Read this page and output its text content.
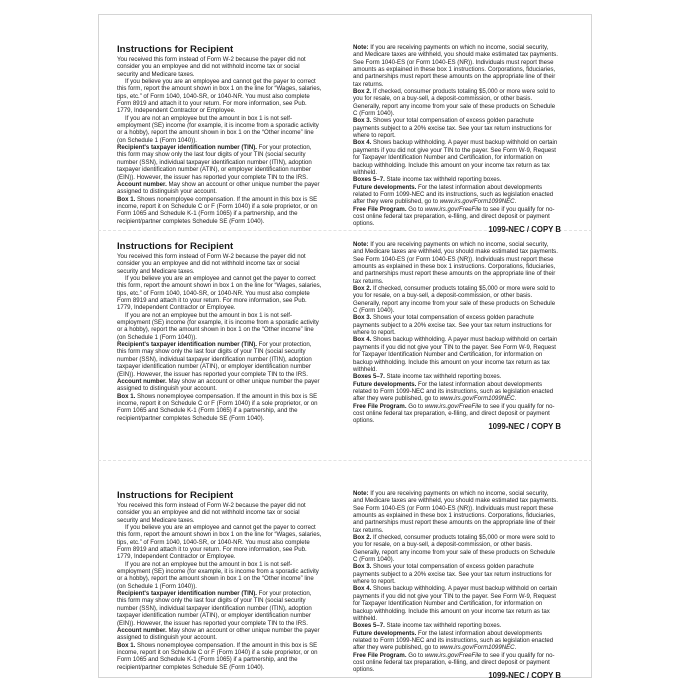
Instructions for Recipient

You received this form instead of Form W-2 because the payer did not consider you an employee and did not withhold income tax or social security and Medicare taxes.

If you believe you are an employee and cannot get the payer to correct this form, report the amount shown in box 1 on the line for “Wages, salaries, tips, etc.” of Form 1040, 1040-SR, or 1040-NR. You must also complete Form 8919 and attach it to your return. For more information, see Pub. 1779, Independent Contractor or Employee.

If you are not an employee but the amount in box 1 is not self-employment (SE) income (for example, it is income from a sporadic activity or a hobby), report the amount shown in box 1 on the “Other income” line (on Schedule 1 (Form 1040)).

Recipient's taxpayer identification number (TIN). For your protection, this form may show only the last four digits of your TIN (social security number (SSN), individual taxpayer identification number (ITIN), adoption taxpayer identification number (ATIN), or employer identification number (EIN)). However, the issuer has reported your complete TIN to the IRS.

Account number. May show an account or other unique number the payer assigned to distinguish your account.

Box 1. Shows nonemployee compensation. If the amount in this box is SE income, report it on Schedule C or F (Form 1040) if a sole proprietor, or on Form 1065 and Schedule K-1 (Form 1065) if a partnership, and the recipient/partner completes Schedule SE (Form 1040).

Note: If you are receiving payments on which no income, social security, and Medicare taxes are withheld, you should make estimated tax payments. See Form 1040-ES (or Form 1040-ES (NR)). Individuals must report these amounts as explained in these box 1 instructions. Corporations, fiduciaries, and partnerships must report these amounts on the appropriate line of their tax returns.

Box 2. If checked, consumer products totaling $5,000 or more were sold to you for resale, on a buy-sell, a deposit-commission, or other basis. Generally, report any income from your sale of these products on Schedule C (Form 1040).

Box 3. Shows your total compensation of excess golden parachute payments subject to a 20% excise tax. See your tax return instructions for where to report.

Box 4. Shows backup withholding. A payer must backup withhold on certain payments if you did not give your TIN to the payer. See Form W-9, Request for Taxpayer Identification Number and Certification, for information on backup withholding. Include this amount on your income tax return as tax withheld.

Boxes 5–7. State income tax withheld reporting boxes.

Future developments. For the latest information about developments related to Form 1099-NEC and its instructions, such as legislation enacted after they were published, go to www.irs.gov/Form1099NEC.

Free File Program. Go to www.irs.gov/FreeFile to see if you qualify for no-cost online federal tax preparation, e-filing, and direct deposit or payment options.

1099-NEC / COPY B
Instructions for Recipient

You received this form instead of Form W-2 because the payer did not consider you an employee and did not withhold income tax or social security and Medicare taxes.

If you believe you are an employee and cannot get the payer to correct this form, report the amount shown in box 1 on the line for “Wages, salaries, tips, etc.” of Form 1040, 1040-SR, or 1040-NR. You must also complete Form 8919 and attach it to your return. For more information, see Pub. 1779, Independent Contractor or Employee.

If you are not an employee but the amount in box 1 is not self-employment (SE) income (for example, it is income from a sporadic activity or a hobby), report the amount shown in box 1 on the “Other income” line (on Schedule 1 (Form 1040)).

Recipient's taxpayer identification number (TIN). For your protection, this form may show only the last four digits of your TIN (social security number (SSN), individual taxpayer identification number (ITIN), adoption taxpayer identification number (ATIN), or employer identification number (EIN)). However, the issuer has reported your complete TIN to the IRS.

Account number. May show an account or other unique number the payer assigned to distinguish your account.

Box 1. Shows nonemployee compensation. If the amount in this box is SE income, report it on Schedule C or F (Form 1040) if a sole proprietor, or on Form 1065 and Schedule K-1 (Form 1065) if a partnership, and the recipient/partner completes Schedule SE (Form 1040).

Note: If you are receiving payments on which no income, social security, and Medicare taxes are withheld, you should make estimated tax payments. See Form 1040-ES (or Form 1040-ES (NR)). Individuals must report these amounts as explained in these box 1 instructions. Corporations, fiduciaries, and partnerships must report these amounts on the appropriate line of their tax returns.

Box 2. If checked, consumer products totaling $5,000 or more were sold to you for resale, on a buy-sell, a deposit-commission, or other basis. Generally, report any income from your sale of these products on Schedule C (Form 1040).

Box 3. Shows your total compensation of excess golden parachute payments subject to a 20% excise tax. See your tax return instructions for where to report.

Box 4. Shows backup withholding. A payer must backup withhold on certain payments if you did not give your TIN to the payer. See Form W-9, Request for Taxpayer Identification Number and Certification, for information on backup withholding. Include this amount on your income tax return as tax withheld.

Boxes 5–7. State income tax withheld reporting boxes.

Future developments. For the latest information about developments related to Form 1099-NEC and its instructions, such as legislation enacted after they were published, go to www.irs.gov/Form1099NEC.

Free File Program. Go to www.irs.gov/FreeFile to see if you qualify for no-cost online federal tax preparation, e-filing, and direct deposit or payment options.

1099-NEC / COPY B
Instructions for Recipient

You received this form instead of Form W-2 because the payer did not consider you an employee and did not withhold income tax or social security and Medicare taxes.

If you believe you are an employee and cannot get the payer to correct this form, report the amount shown in box 1 on the line for “Wages, salaries, tips, etc.” of Form 1040, 1040-SR, or 1040-NR. You must also complete Form 8919 and attach it to your return. For more information, see Pub. 1779, Independent Contractor or Employee.

If you are not an employee but the amount in box 1 is not self-employment (SE) income (for example, it is income from a sporadic activity or a hobby), report the amount shown in box 1 on the “Other income” line (on Schedule 1 (Form 1040)).

Recipient's taxpayer identification number (TIN). For your protection, this form may show only the last four digits of your TIN (social security number (SSN), individual taxpayer identification number (ITIN), adoption taxpayer identification number (ATIN), or employer identification number (EIN)). However, the issuer has reported your complete TIN to the IRS.

Account number. May show an account or other unique number the payer assigned to distinguish your account.

Box 1. Shows nonemployee compensation. If the amount in this box is SE income, report it on Schedule C or F (Form 1040) if a sole proprietor, or on Form 1065 and Schedule K-1 (Form 1065) if a partnership, and the recipient/partner completes Schedule SE (Form 1040).

Note: If you are receiving payments on which no income, social security, and Medicare taxes are withheld, you should make estimated tax payments. See Form 1040-ES (or Form 1040-ES (NR)). Individuals must report these amounts as explained in these box 1 instructions. Corporations, fiduciaries, and partnerships must report these amounts on the appropriate line of their tax returns.

Box 2. If checked, consumer products totaling $5,000 or more were sold to you for resale, on a buy-sell, a deposit-commission, or other basis. Generally, report any income from your sale of these products on Schedule C (Form 1040).

Box 3. Shows your total compensation of excess golden parachute payments subject to a 20% excise tax. See your tax return instructions for where to report.

Box 4. Shows backup withholding. A payer must backup withhold on certain payments if you did not give your TIN to the payer. See Form W-9, Request for Taxpayer Identification Number and Certification, for information on backup withholding. Include this amount on your income tax return as tax withheld.

Boxes 5–7. State income tax withheld reporting boxes.

Future developments. For the latest information about developments related to Form 1099-NEC and its instructions, such as legislation enacted after they were published, go to www.irs.gov/Form1099NEC.

Free File Program. Go to www.irs.gov/FreeFile to see if you qualify for no-cost online federal tax preparation, e-filing, and direct deposit or payment options.

1099-NEC / COPY B
